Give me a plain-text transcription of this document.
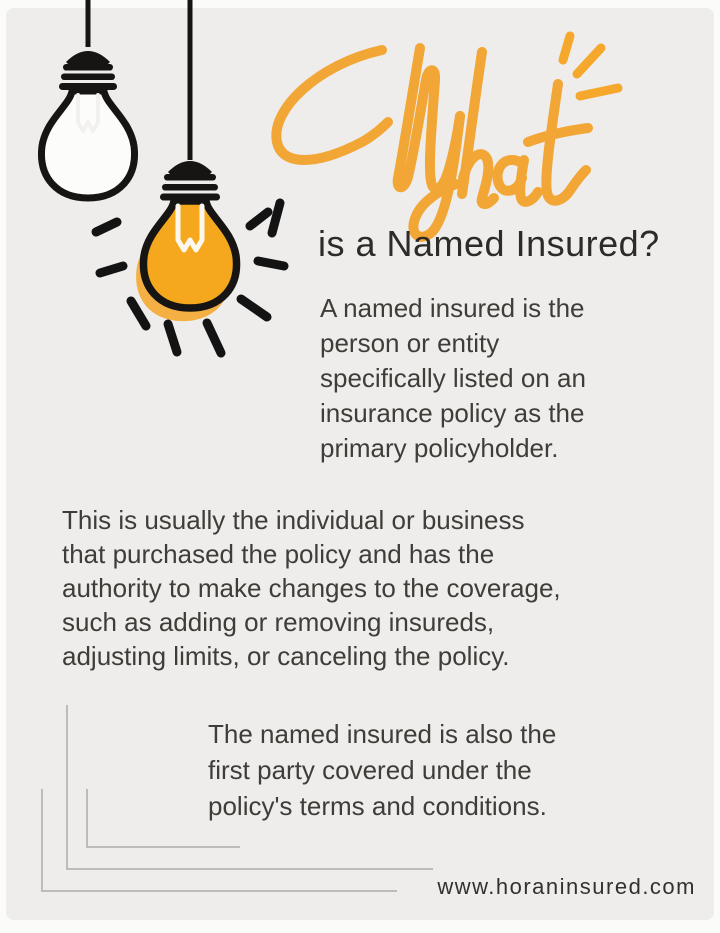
is a Named Insured?
A named insured is the
person or entity
specifically listed on an
insurance policy as the
primary policyholder.
This is usually the individual or business
that purchased the policy and has the
authority to make changes to the coverage,
such as adding or removing insureds,
adjusting limits, or canceling the policy.
The named insured is also the
first party covered under the
policy's terms and conditions.
www.horaninsured.com
